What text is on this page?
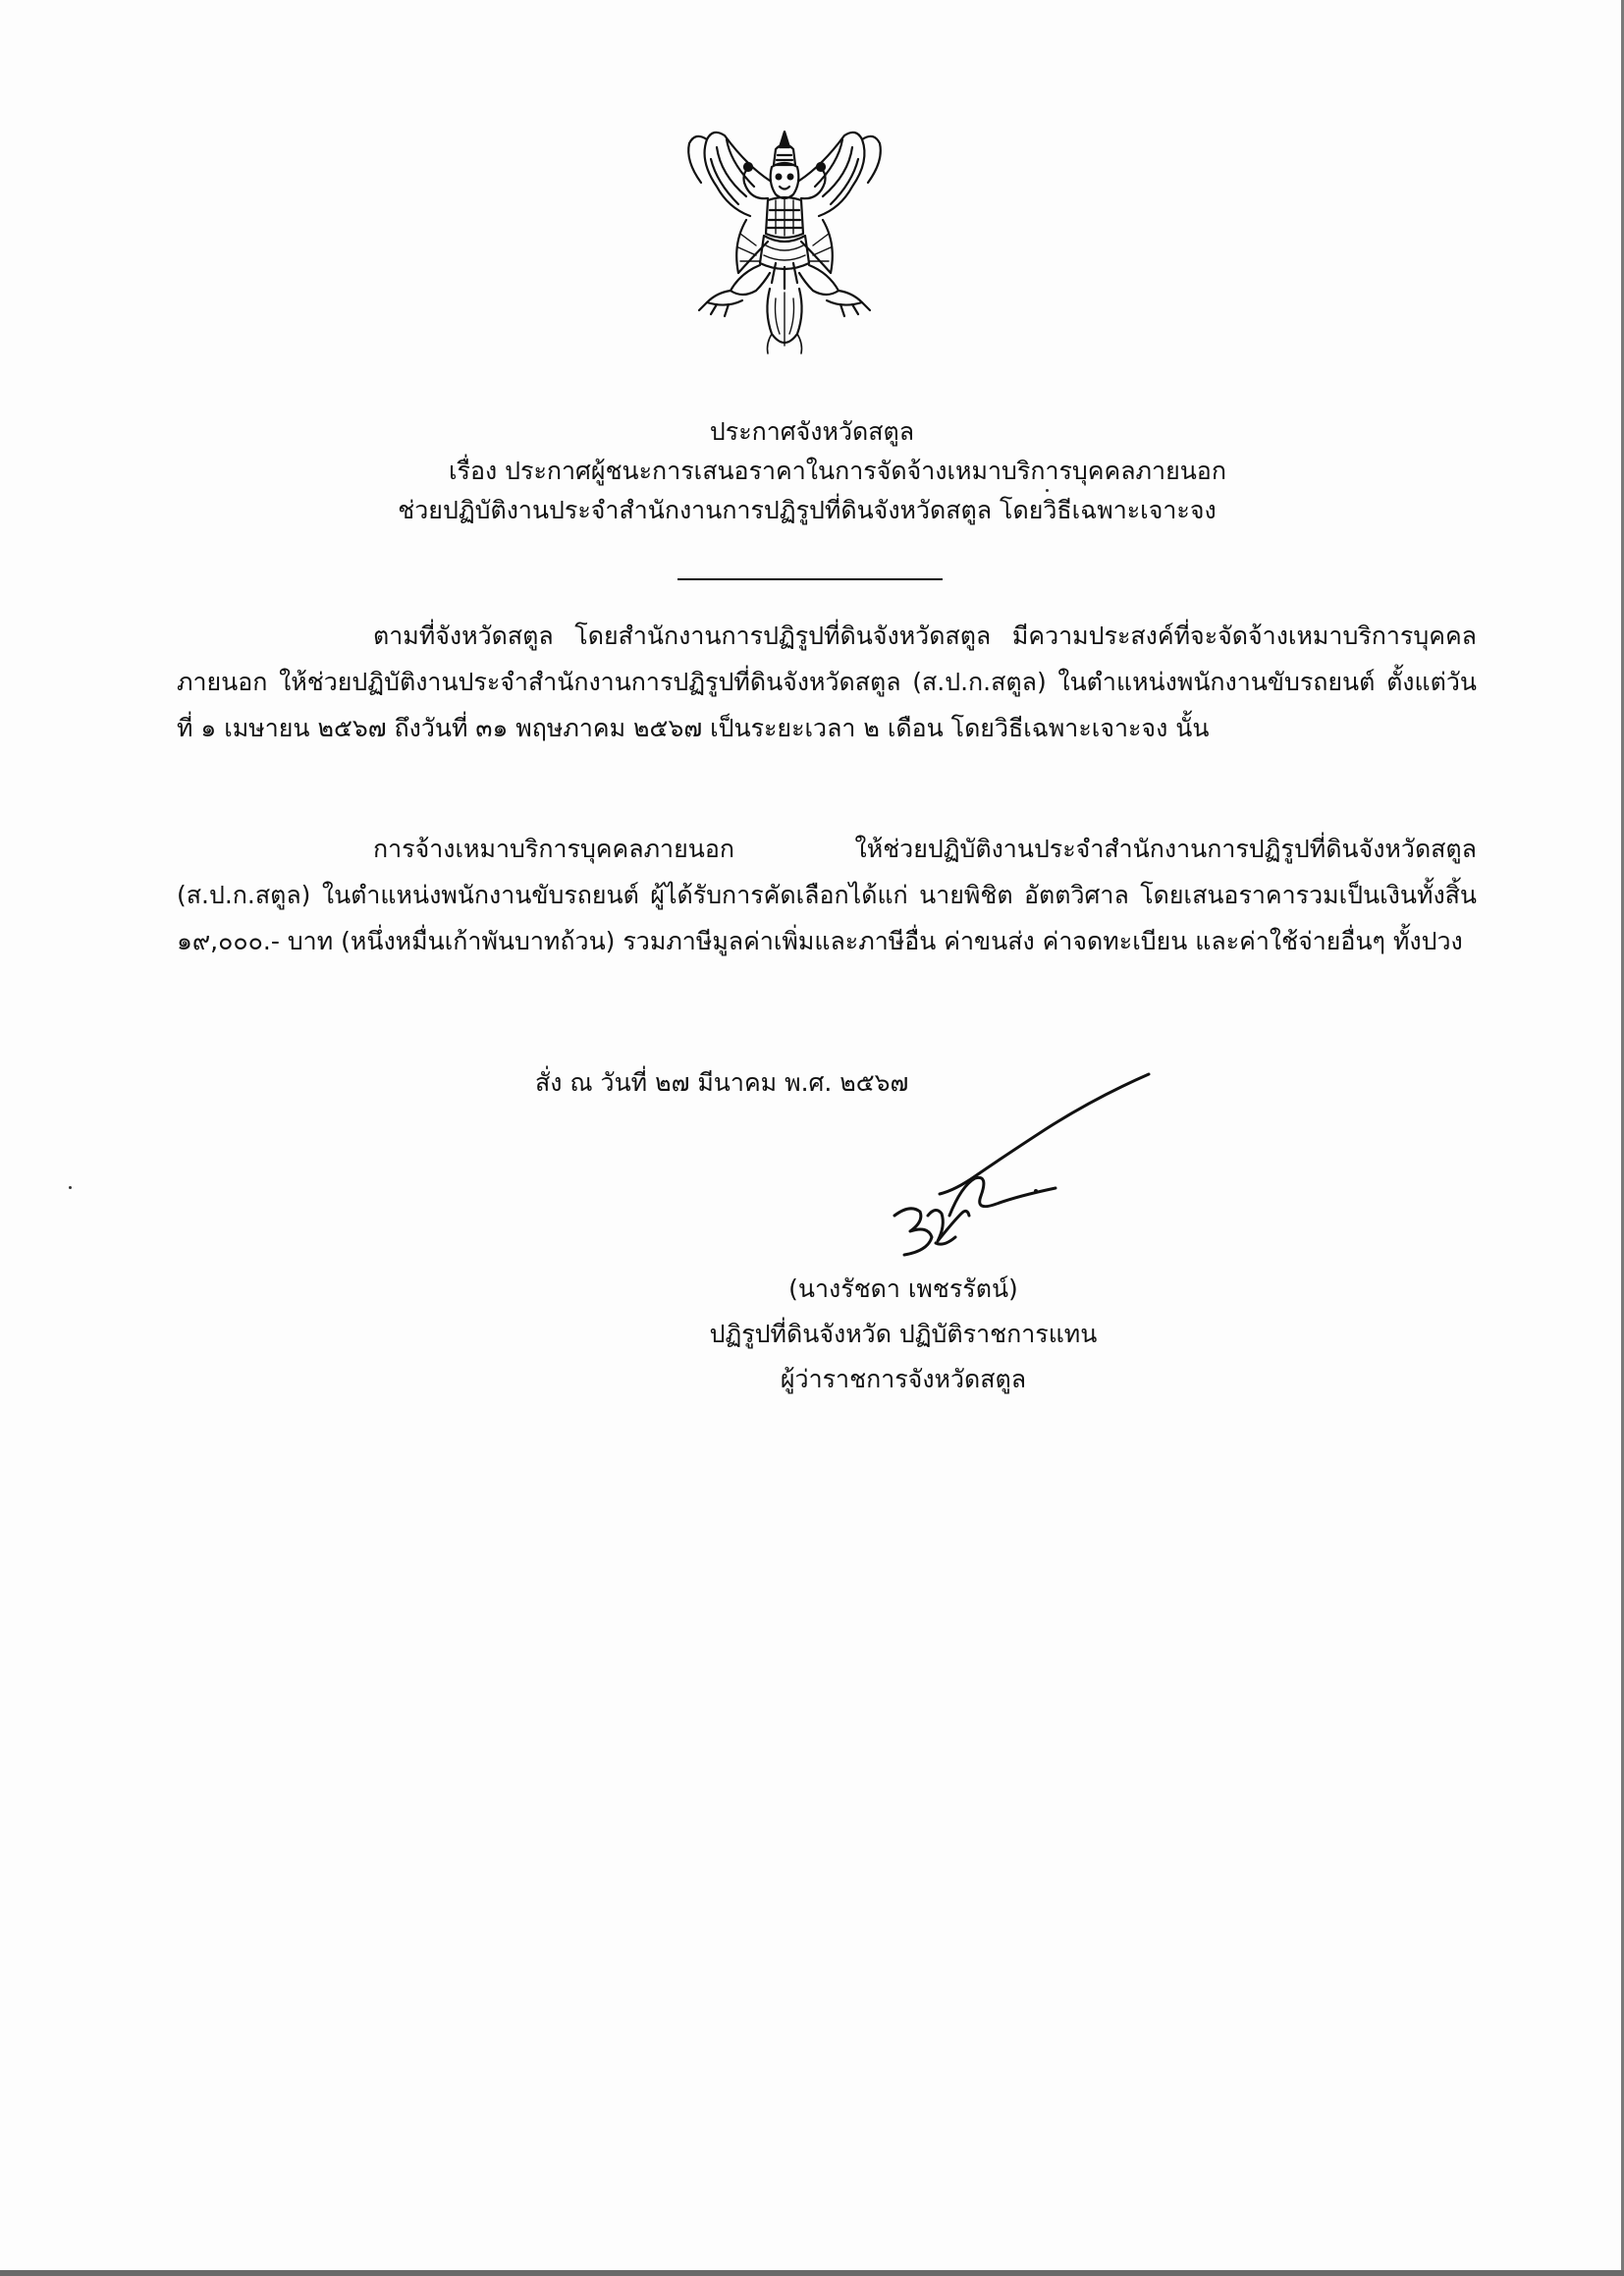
ประกาศจังหวัดสตูล
เรื่อง ประกาศผู้ชนะการเสนอราคาในการจัดจ้างเหมาบริการบุคคลภายนอก
ช่วยปฏิบัติงานประจำสำนักงานการปฏิรูปที่ดินจังหวัดสตูล โดยวิธีเฉพาะเจาะจง

ตามที่จังหวัดสตูล โดยสำนักงานการปฏิรูปที่ดินจังหวัดสตูล มีความประสงค์ที่จะจัดจ้างเหมาบริการบุคคลภายนอก ให้ช่วยปฏิบัติงานประจำสำนักงานการปฏิรูปที่ดินจังหวัดสตูล (ส.ป.ก.สตูล) ในตำแหน่งพนักงานขับรถยนต์ ตั้งแต่วันที่ ๑ เมษายน ๒๕๖๗ ถึงวันที่ ๓๑ พฤษภาคม ๒๕๖๗ เป็นระยะเวลา ๒ เดือน โดยวิธีเฉพาะเจาะจง นั้น

การจ้างเหมาบริการบุคคลภายนอก ให้ช่วยปฏิบัติงานประจำสำนักงานการปฏิรูปที่ดินจังหวัดสตูล (ส.ป.ก.สตูล) ในตำแหน่งพนักงานขับรถยนต์ ผู้ได้รับการคัดเลือกได้แก่ นายพิชิต อัตตวิศาล โดยเสนอราคารวมเป็นเงินทั้งสิ้น ๑๙,๐๐๐.- บาท (หนึ่งหมื่นเก้าพันบาทถ้วน) รวมภาษีมูลค่าเพิ่มและภาษีอื่น ค่าขนส่ง ค่าจดทะเบียน และค่าใช้จ่ายอื่นๆ ทั้งปวง

สั่ง ณ วันที่ ๒๗ มีนาคม พ.ศ. ๒๕๖๗
(นางรัชดา เพชรรัตน์)
ปฏิรูปที่ดินจังหวัด ปฏิบัติราชการแทน
ผู้ว่าราชการจังหวัดสตูล
